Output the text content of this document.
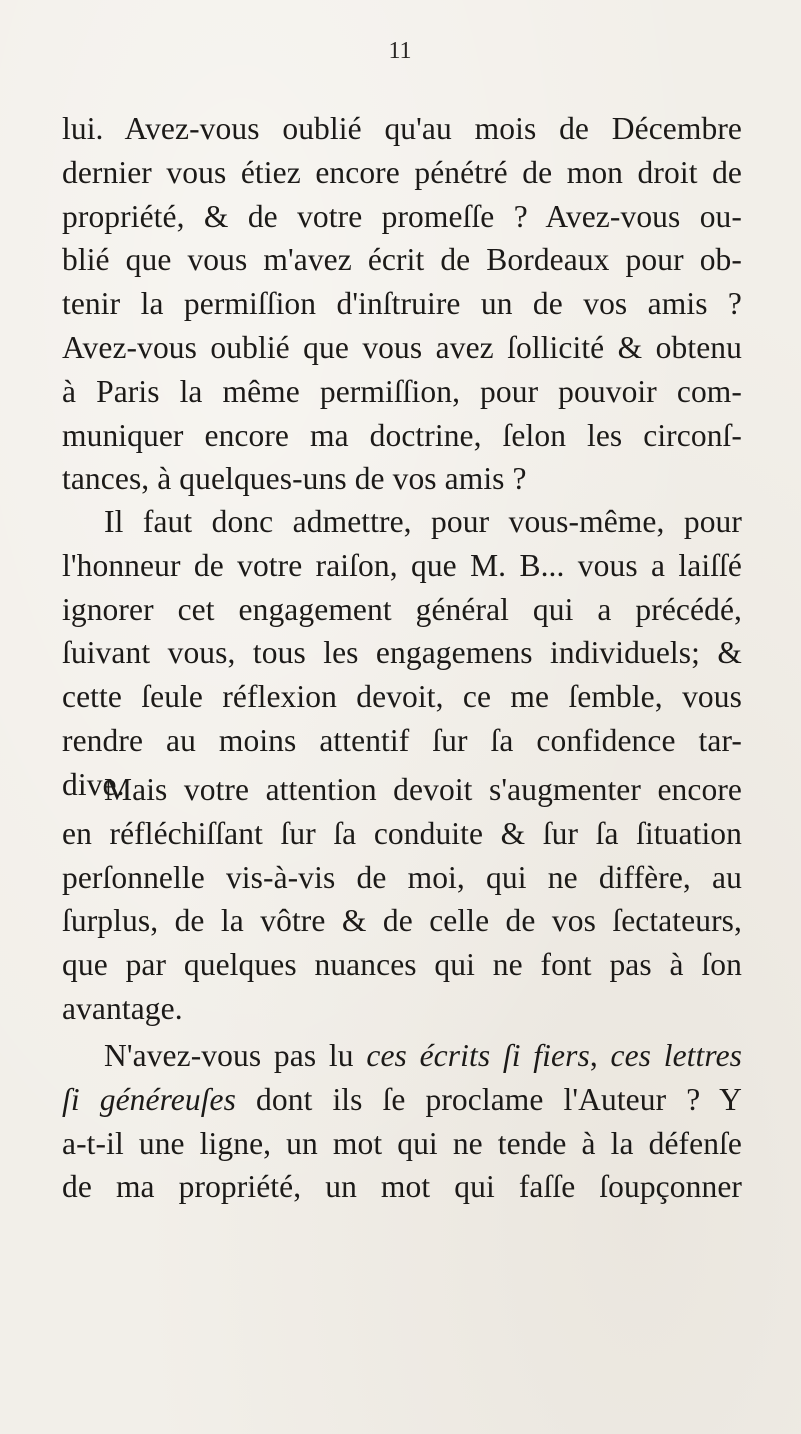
11
lui. Avez-vous oublié qu'au mois de Décembre
dernier vous étiez encore pénétré de mon droit de
propriété, & de votre promeſſe ? Avez-vous ou-
blié que vous m'avez écrit de Bordeaux pour ob-
tenir la permiſſion d'inſtruire un de vos amis ?
Avez-vous oublié que vous avez ſollicité & obtenu
à Paris la même permiſſion, pour pouvoir com-
muniquer encore ma doctrine, ſelon les circonſ-
tances, à quelques-uns de vos amis ?
Il faut donc admettre, pour vous-même, pour
l'honneur de votre raiſon, que M. B... vous a laiſſé
ignorer cet engagement général qui a précédé,
ſuivant vous, tous les engagemens individuels; &
cette ſeule réflexion devoit, ce me ſemble, vous
rendre au moins attentif ſur ſa confidence tar-
dive.
Mais votre attention devoit s'augmenter encore
en réfléchiſſant ſur ſa conduite & ſur ſa ſituation
perſonnelle vis-à-vis de moi, qui ne diffère, au
ſurplus, de la vôtre & de celle de vos ſectateurs,
que par quelques nuances qui ne font pas à ſon
avantage.
N'avez-vous pas lu ces écrits ſi fiers, ces lettres
ſi généreuſes dont ils ſe proclame l'Auteur ? Y
a-t-il une ligne, un mot qui ne tende à la défenſe
de ma propriété, un mot qui faſſe ſoupçonner
